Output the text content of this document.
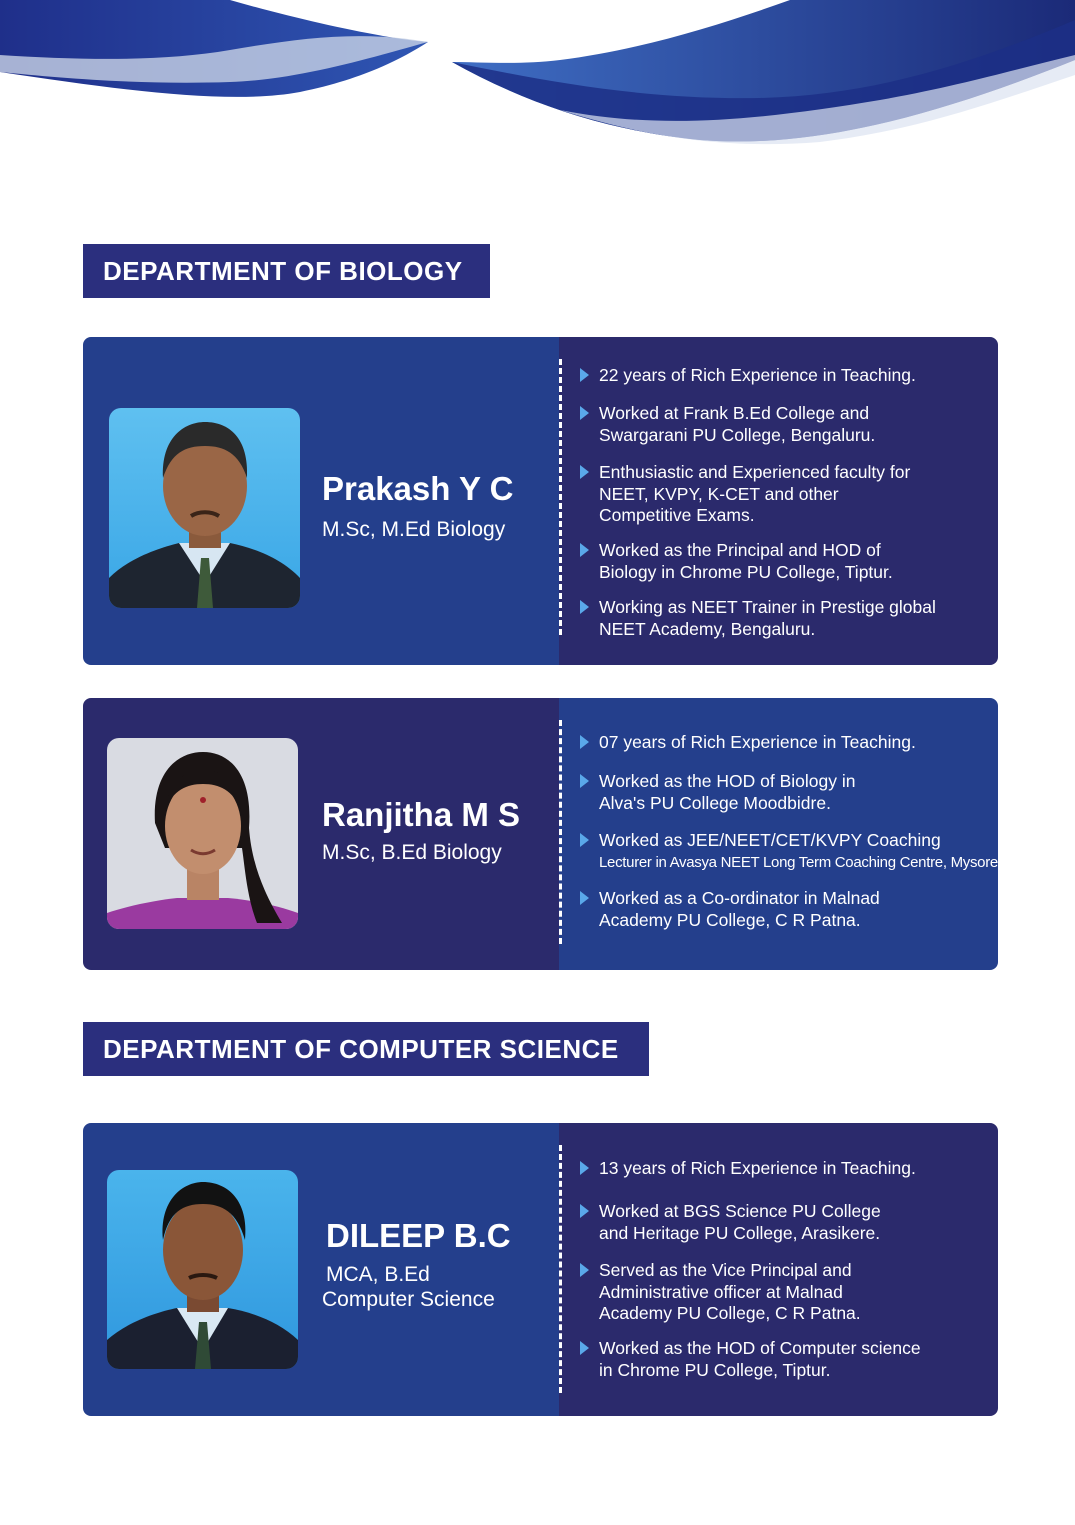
DEPARTMENT OF BIOLOGY
Prakash Y C
M.Sc, M.Ed Biology
22 years of Rich Experience in Teaching.
Worked at Frank B.Ed College and
Swargarani PU College, Bengaluru.
Enthusiastic and Experienced faculty for
NEET, KVPY, K-CET and other
Competitive Exams.
Worked as the Principal and HOD of
Biology in Chrome PU College, Tiptur.
Working as NEET Trainer in Prestige global
NEET Academy, Bengaluru.
Ranjitha M S
M.Sc, B.Ed Biology
07 years of Rich Experience in Teaching.
Worked as the HOD of Biology in
Alva's PU College Moodbidre.
Worked as JEE/NEET/CET/KVPY Coaching
Lecturer in Avasya NEET Long Term Coaching Centre, Mysore
Worked as a Co-ordinator in Malnad
Academy PU College, C R Patna.
DEPARTMENT OF COMPUTER SCIENCE
DILEEP B.C
MCA, B.Ed
Computer Science
13 years of Rich Experience in Teaching.
Worked at BGS Science PU College
and Heritage PU College, Arasikere.
Served as the Vice Principal and
Administrative officer at Malnad
Academy PU College, C R Patna.
Worked as the HOD of Computer science
in Chrome PU College, Tiptur.
